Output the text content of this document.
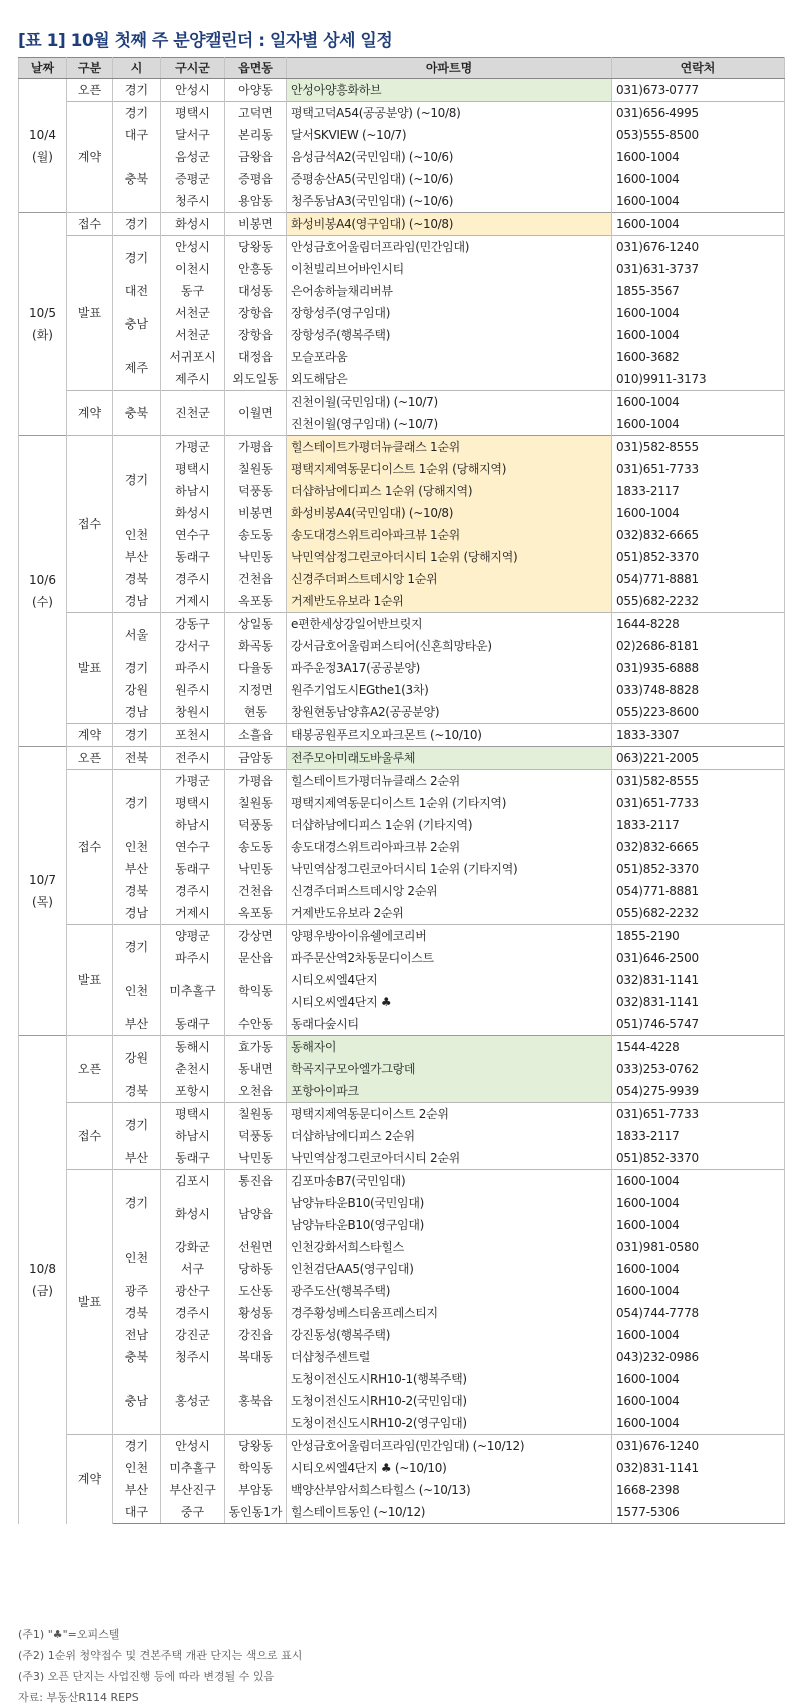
[표 1] 10월 첫째 주 분양캘린더 : 일자별 상세 일정
날짜	구분	시	구시군	읍면동	아파트명	연락처
10/4
(월)	오픈	경기	안성시	아양동	안성아양흥화하브	031)673-0777
	계약	경기	평택시	고덕면	평택고덕A54(공공분양) (~10/8)	031)656-4995
		대구	달서구	본리동	달서SKVIEW (~10/7)	053)555-8500
		충북	음성군	금왕읍	음성금석A2(국민임대) (~10/6)	1600-1004
			증평군	증평읍	증평송산A5(국민임대) (~10/6)	1600-1004
			청주시	용암동	청주동남A3(국민임대) (~10/6)	1600-1004
10/5
(화)	접수	경기	화성시	비봉면	화성비봉A4(영구임대) (~10/8)	1600-1004
	발표	경기	안성시	당왕동	안성금호어울림더프라임(민간임대)	031)676-1240
			이천시	안흥동	이천빌리브어바인시티	031)631-3737
		대전	동구	대성동	은어송하늘채리버뷰	1855-3567
		충남	서천군	장항읍	장항성주(영구임대)	1600-1004
			서천군	장항읍	장항성주(행복주택)	1600-1004
		제주	서귀포시	대정읍	모슬포라움	1600-3682
			제주시	외도일동	외도해담은	010)9911-3173
	계약	충북	진천군	이월면	진천이월(국민임대) (~10/7)	1600-1004
					진천이월(영구임대) (~10/7)	1600-1004
10/6
(수)	접수	경기	가평군	가평읍	힐스테이트가평더뉴클래스 1순위	031)582-8555
			평택시	칠원동	평택지제역동문디이스트 1순위 (당해지역)	031)651-7733
			하남시	덕풍동	더샵하남에디피스 1순위 (당해지역)	1833-2117
			화성시	비봉면	화성비봉A4(국민임대) (~10/8)	1600-1004
		인천	연수구	송도동	송도대경스위트리아파크뷰 1순위	032)832-6665
		부산	동래구	낙민동	낙민역삼정그린코아더시티 1순위 (당해지역)	051)852-3370
		경북	경주시	건천읍	신경주더퍼스트데시앙 1순위	054)771-8881
		경남	거제시	옥포동	거제반도유보라 1순위	055)682-2232
	발표	서울	강동구	상일동	e편한세상강일어반브릿지	1644-8228
			강서구	화곡동	강서금호어울림퍼스티어(신혼희망타운)	02)2686-8181
		경기	파주시	다율동	파주운정3A17(공공분양)	031)935-6888
		강원	원주시	지정면	원주기업도시EGthe1(3차)	033)748-8828
		경남	창원시	현동	창원현동남양휴A2(공공분양)	055)223-8600
	계약	경기	포천시	소흘읍	태봉공원푸르지오파크몬트 (~10/10)	1833-3307
10/7
(목)	오픈	전북	전주시	금암동	전주모아미래도바울루체	063)221-2005
	접수	경기	가평군	가평읍	힐스테이트가평더뉴클래스 2순위	031)582-8555
			평택시	칠원동	평택지제역동문디이스트 1순위 (기타지역)	031)651-7733
			하남시	덕풍동	더샵하남에디피스 1순위 (기타지역)	1833-2117
		인천	연수구	송도동	송도대경스위트리아파크뷰 2순위	032)832-6665
		부산	동래구	낙민동	낙민역삼정그린코아더시티 1순위 (기타지역)	051)852-3370
		경북	경주시	건천읍	신경주더퍼스트데시앙 2순위	054)771-8881
		경남	거제시	옥포동	거제반도유보라 2순위	055)682-2232
	발표	경기	양평군	강상면	양평우방아이유쉘에코리버	1855-2190
			파주시	문산읍	파주문산역2차동문디이스트	031)646-2500
		인천	미추홀구	학익동	시티오씨엘4단지	032)831-1141
					시티오씨엘4단지 ♣	032)831-1141
		부산	동래구	수안동	동래다숲시티	051)746-5747
10/8
(금)	오픈	강원	동해시	효가동	동해자이	1544-4228
			춘천시	동내면	학곡지구모아엘가그랑데	033)253-0762
		경북	포항시	오천읍	포항아이파크	054)275-9939
	접수	경기	평택시	칠원동	평택지제역동문디이스트 2순위	031)651-7733
			하남시	덕풍동	더샵하남에디피스 2순위	1833-2117
		부산	동래구	낙민동	낙민역삼정그린코아더시티 2순위	051)852-3370
	발표	경기	김포시	통진읍	김포마송B7(국민임대)	1600-1004
			화성시	남양읍	남양뉴타운B10(국민임대)	1600-1004
					남양뉴타운B10(영구임대)	1600-1004
		인천	강화군	선원면	인천강화서희스타힐스	031)981-0580
			서구	당하동	인천검단AA5(영구임대)	1600-1004
		광주	광산구	도산동	광주도산(행복주택)	1600-1004
		경북	경주시	황성동	경주황성베스티움프레스티지	054)744-7778
		전남	강진군	강진읍	강진동성(행복주택)	1600-1004
		충북	청주시	복대동	더샵청주센트럴	043)232-0986
		충남	홍성군	홍북읍	도청이전신도시RH10-1(행복주택)	1600-1004
					도청이전신도시RH10-2(국민임대)	1600-1004
					도청이전신도시RH10-2(영구임대)	1600-1004
	계약	경기	안성시	당왕동	안성금호어울림더프라임(민간임대) (~10/12)	031)676-1240
		인천	미추홀구	학익동	시티오씨엘4단지 ♣ (~10/10)	032)831-1141
		부산	부산진구	부암동	백양산부암서희스타힐스 (~10/13)	1668-2398
		대구	중구	동인동1가	힐스테이트동인 (~10/12)	1577-5306
(주1) "♣"=오피스텔
(주2) 1순위 청약접수 및 견본주택 개관 단지는 색으로 표시
(주3) 오픈 단지는 사업진행 등에 따라 변경될 수 있음
자료: 부동산R114 REPS
